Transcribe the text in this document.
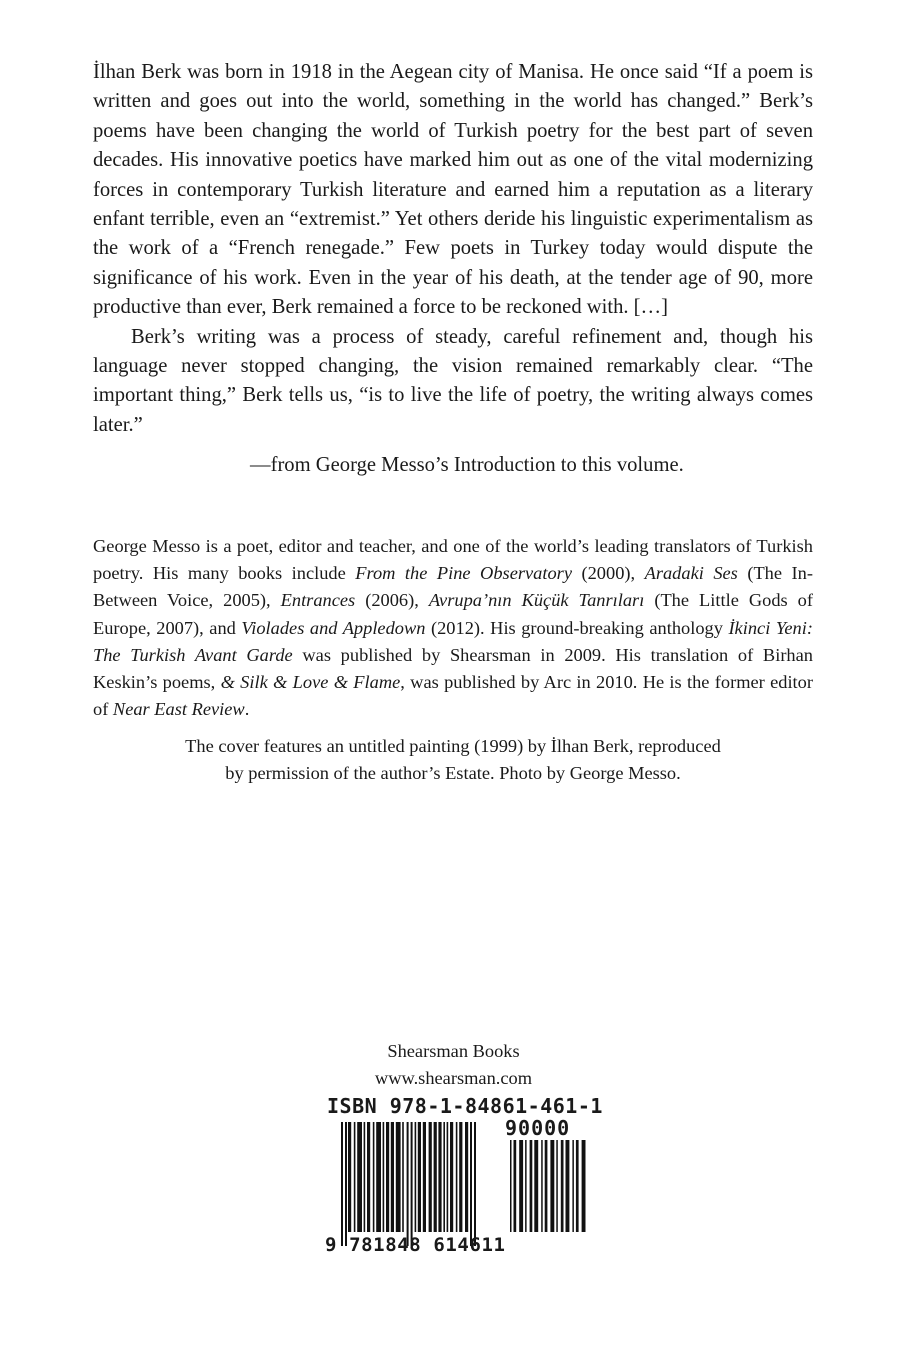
İlhan Berk was born in 1918 in the Aegean city of Manisa. He once said “If a poem is written and goes out into the world, something in the world has changed.” Berk’s poems have been changing the world of Turkish poetry for the best part of seven decades. His innovative poetics have marked him out as one of the vital modernizing forces in contemporary Turkish literature and earned him a reputation as a literary enfant terrible, even an “extremist.” Yet others deride his linguistic experimentalism as the work of a “French renegade.” Few poets in Turkey today would dispute the significance of his work. Even in the year of his death, at the tender age of 90, more productive than ever, Berk remained a force to be reckoned with. […]

Berk’s writing was a process of steady, careful refinement and, though his language never stopped changing, the vision remained remarkably clear. “The important thing,” Berk tells us, “is to live the life of poetry, the writing always comes later.”

—from George Messo’s Introduction to this volume.

George Messo is a poet, editor and teacher, and one of the world’s leading translators of Turkish poetry. His many books include From the Pine Observatory (2000), Aradaki Ses (The In-Between Voice, 2005), Entrances (2006), Avrupa’nın Küçük Tanrıları (The Little Gods of Europe, 2007), and Violades and Appledown (2012). His ground-breaking anthology İkinci Yeni: The Turkish Avant Garde was published by Shearsman in 2009. His translation of Birhan Keskin’s poems, & Silk & Love & Flame, was published by Arc in 2010. He is the former editor of Near East Review.

The cover features an untitled painting (1999) by İlhan Berk, reproduced
by permission of the author’s Estate. Photo by George Messo.

Shearsman Books
www.shearsman.com
ISBN 978-1-84861-461-1
90000
9 781848 614611
